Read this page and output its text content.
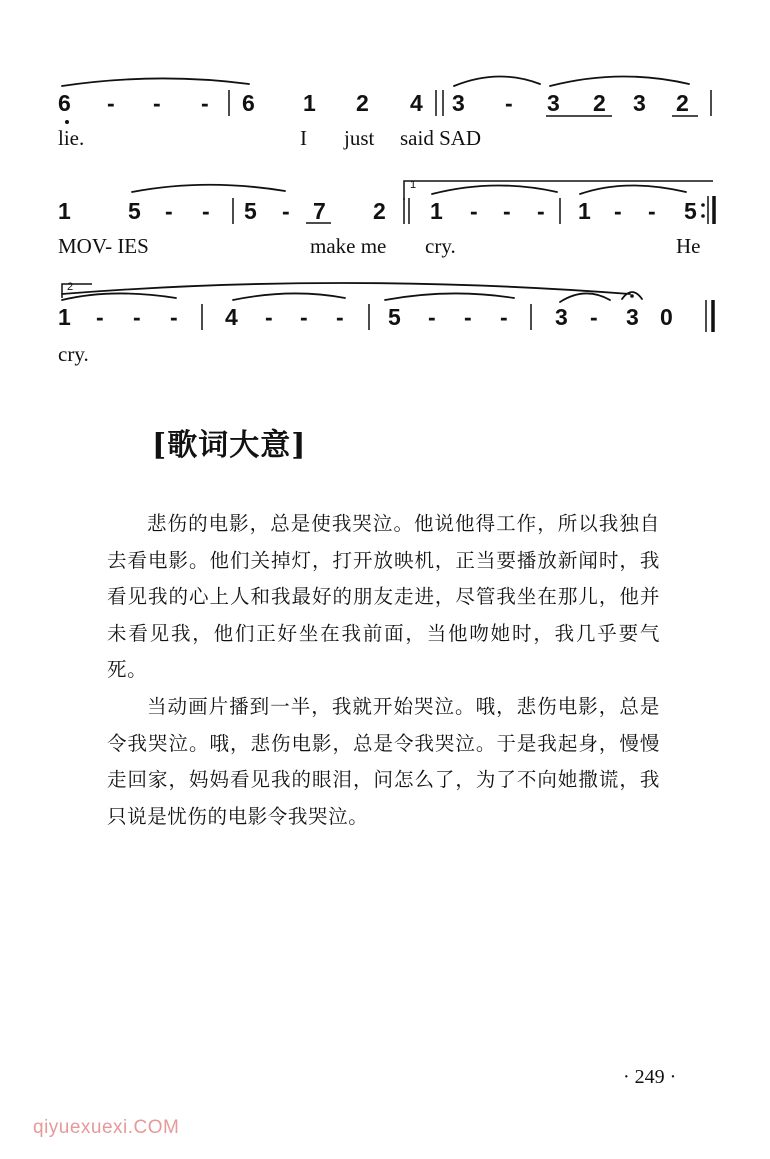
6 - - - 6 1 2 4 3 - 3 2 3 2
lie.	I just said SAD
1 5 - - 5 - 7 2 1 - - - 1 - - 5
1
MOV- IES	make me cry.	He
1 - - - 4 - - - 5 - - - 3 - 3 0
2
cry.
[歌词大意]

悲伤的电影，总是使我哭泣。他说他得工作，所以我独自去看电影。他们关掉灯，打开放映机，正当要播放新闻时，我看见我的心上人和我最好的朋友走进，尽管我坐在那儿，他并未看见我，他们正好坐在我前面，当他吻她时，我几乎要气死。

当动画片播到一半，我就开始哭泣。哦，悲伤电影，总是令我哭泣。哦，悲伤电影，总是令我哭泣。于是我起身，慢慢走回家，妈妈看见我的眼泪，问怎么了，为了不向她撒谎，我只说是忧伤的电影令我哭泣。

· 249 ·
qiyuexuexi.COM
